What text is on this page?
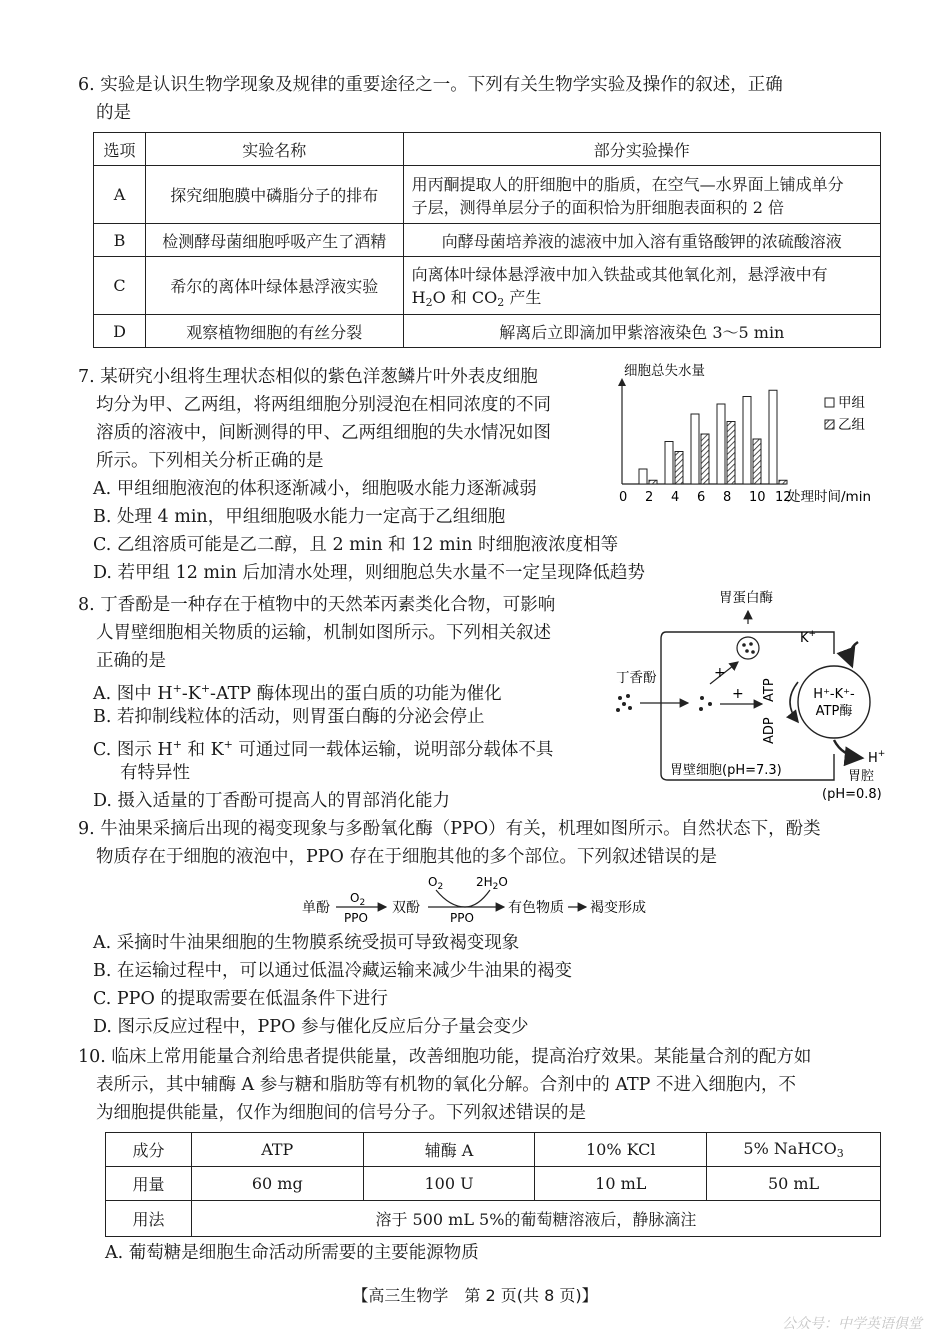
6. 实验是认识生物学现象及规律的重要途径之一。下列有关生物学实验及操作的叙述，正确
的是
选项	实验名称	部分实验操作
A	探究细胞膜中磷脂分子的排布	用丙酮提取人的肝细胞中的脂质，在空气—水界面上铺成单分
子层，测得单层分子的面积恰为肝细胞表面积的 2 倍
B	检测酵母菌细胞呼吸产生了酒精	向酵母菌培养液的滤液中加入溶有重铬酸钾的浓硫酸溶液
C	希尔的离体叶绿体悬浮液实验	向离体叶绿体悬浮液中加入铁盐或其他氧化剂，悬浮液中有
$H_2O$ 和 $CO_2$ 产生
D	观察植物细胞的有丝分裂	解离后立即滴加甲紫溶液染色 3～5 min
7. 某研究小组将生理状态相似的紫色洋葱鳞片叶外表皮细胞
均分为甲、乙两组，将两组细胞分别浸泡在相同浓度的不同
溶质的溶液中，间断测得的甲、乙两组细胞的失水情况如图
所示。下列相关分析正确的是
A. 甲组细胞液泡的体积逐渐减小，细胞吸水能力逐渐减弱
B. 处理 4 min，甲组细胞吸水能力一定高于乙组细胞
C. 乙组溶质可能是乙二醇，且 2 min 和 12 min 时细胞液浓度相等
D. 若甲组 12 min 后加清水处理，则细胞总失水量不一定呈现降低趋势
细胞总失水量
0 2 4 6 8 10 12
处理时间/min
甲组
乙组
8. 丁香酚是一种存在于植物中的天然苯丙素类化合物，可影响
人胃壁细胞相关物质的运输，机制如图所示。下列相关叙述
正确的是
A. 图中 H+-K+-ATP 酶体现出的蛋白质的功能为催化
B. 若抑制线粒体的活动，则胃蛋白酶的分泌会停止
C. 图示 H+ 和 K+ 可通过同一载体运输，说明部分载体不具
有特异性
D. 摄入适量的丁香酚可提高人的胃部消化能力
胃蛋白酶
丁香酚	+
+ ATP
ADP
H⁺-K⁺-
ATP酶
K+
H+
胃壁细胞(pH=7.3)	胃腔
(pH=0.8)
9. 牛油果采摘后出现的褐变现象与多酚氧化酶（PPO）有关，机理如图所示。自然状态下，酚类
物质存在于细胞的液泡中，PPO 存在于细胞其他的多个部位。下列叙述错误的是
单酚
$O_2$
PPO
双酚
$O_2$	$2H_2O$
PPO
有色物质 褐变形成
A. 采摘时牛油果细胞的生物膜系统受损可导致褐变现象
B. 在运输过程中，可以通过低温冷藏运输来减少牛油果的褐变
C. PPO 的提取需要在低温条件下进行
D. 图示反应过程中，PPO 参与催化反应后分子量会变少
10. 临床上常用能量合剂给患者提供能量，改善细胞功能，提高治疗效果。某能量合剂的配方如
表所示，其中辅酶 A 参与糖和脂肪等有机物的氧化分解。合剂中的 ATP 不进入细胞内，不
为细胞提供能量，仅作为细胞间的信号分子。下列叙述错误的是
成分	ATP	辅酶 A	10% KCl	5% NaHCO$_3$
用量	60 mg	100 U	10 mL	50 mL
用法	溶于 500 mL 5%的葡萄糖溶液后，静脉滴注			
A. 葡萄糖是细胞生命活动所需要的主要能源物质
【高三生物学　第 2 页(共 8 页)】
公众号：中学英语俱堂
